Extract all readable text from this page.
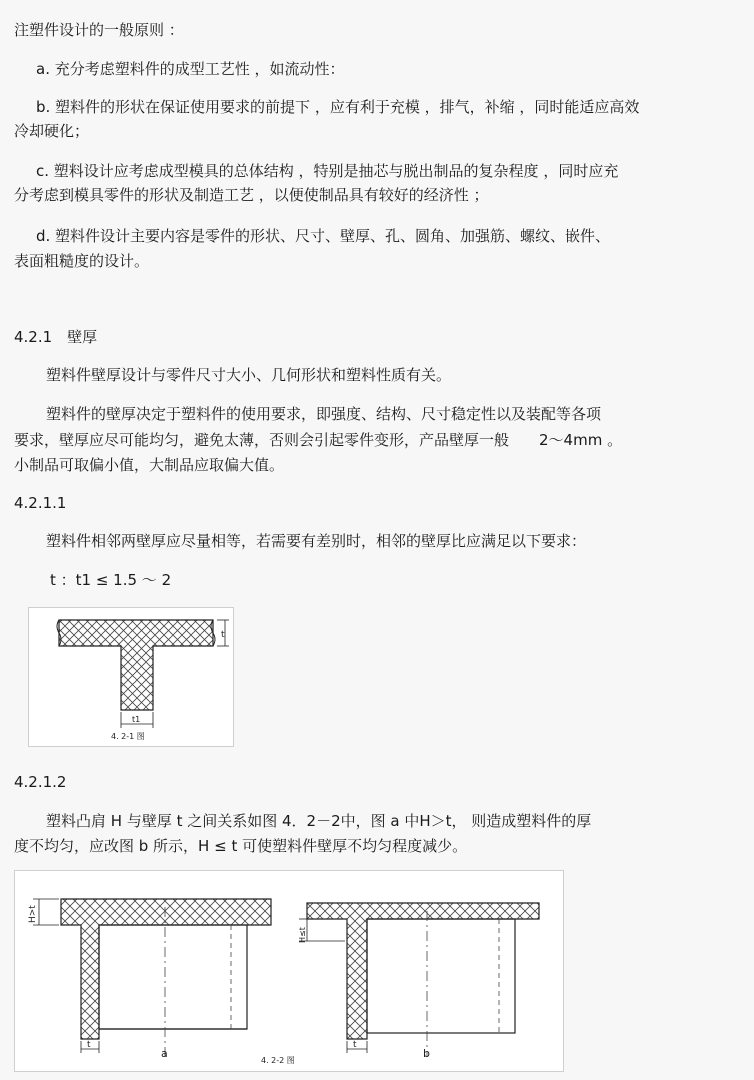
注塑件设计的一般原则 ：
a. 充分考虑塑料件的成型工艺性 ，如流动性：
b. 塑料件的形状在保证使用要求的前提下 ，应有利于充模 ，排气，补缩 ，同时能适应高效
冷却硬化；
c. 塑料设计应考虑成型模具的总体结构 ，特别是抽芯与脱出制品的复杂程度 ，同时应充
分考虑到模具零件的形状及制造工艺 ，以便使制品具有较好的经济性 ；
d. 塑料件设计主要内容是零件的形状、尺寸、壁厚、孔、圆角、加强筋、螺纹、嵌件、
表面粗糙度的设计。
4.2.1　壁厚
塑料件壁厚设计与零件尺寸大小、几何形状和塑料性质有关。
塑料件的壁厚决定于塑料件的使用要求，即强度、结构、尺寸稳定性以及装配等各项
要求，壁厚应尽可能均匀，避免太薄，否则会引起零件变形，产品壁厚一般　　2～4mm 。
小制品可取偏小值，大制品应取偏大值。
4.2.1.1
塑料件相邻两壁厚应尽量相等，若需要有差别时，相邻的壁厚比应满足以下要求：
t ：t1 ≤ 1.5 ～ 2
t
t1
4. 2-1 图
4.2.1.2
塑料凸肩 H 与壁厚 t 之间关系如图 4．2－2中，图 a 中H＞t， 则造成塑料件的厚
度不均匀，应改图 b 所示，H ≤ t 可使塑料件壁厚不均匀程度减少。
H>t
t
a
H≤t
t
b
4. 2-2 图
